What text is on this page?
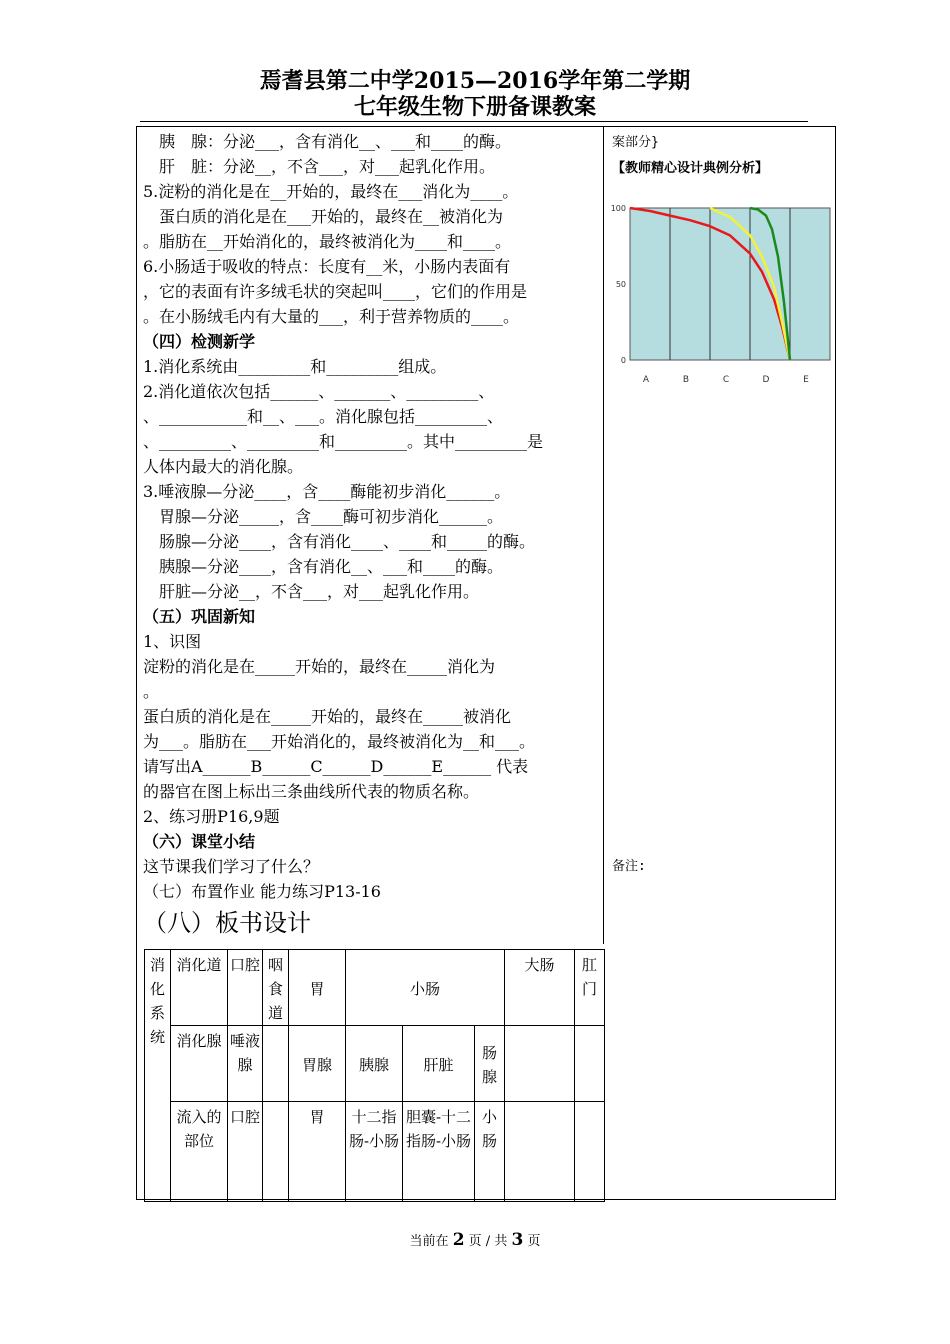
焉耆县第二中学2015—2016学年第二学期
七年级生物下册备课教案
　胰　腺：分泌___，含有消化__、___和____的酶。
　肝　脏：分泌__，不含___，对___起乳化作用。
5.淀粉的消化是在__开始的，最终在___消化为____。
　蛋白质的消化是在___开始的，最终在__被消化为
。脂肪在__开始消化的，最终被消化为____和____。
6.小肠适于吸收的特点：长度有__米，小肠内表面有
，它的表面有许多绒毛状的突起叫____，它们的作用是
。在小肠绒毛内有大量的___，利于营养物质的____。
（四）检测新学
1.消化系统由_________和_________组成。
2.消化道依次包括______、_______、_________、
、___________和__、___。消化腺包括_________、
、_________、_________和_________。其中_________是
人体内最大的消化腺。
3.唾液腺—分泌____，含____酶能初步消化______。
　胃腺—分泌_____，含____酶可初步消化______。
　肠腺—分泌____，含有消化____、____和_____的酶。
　胰腺—分泌____，含有消化__、___和____的酶。
　肝脏—分泌__，不含___，对___起乳化作用。
（五）巩固新知
1、识图
淀粉的消化是在_____开始的，最终在_____消化为
。
蛋白质的消化是在_____开始的，最终在_____被消化
为___。脂肪在___开始消化的，最终被消化为__和___。
请写出A______B______C______D______E______ 代表
的器官在图上标出三条曲线所代表的物质名称。
2、练习册P16,9题
（六）课堂小结
这节课我们学习了什么？
（七）布置作业 能力练习P13-16
（八）板书设计
案部分}
【教师精心设计典例分析】
备注:
100
50
0
A	B	C	D	E
消化系统	消化道	口腔	咽食道	胃	小肠			大肠	肛门
	消化腺	唾液腺		胃腺	胰腺	肝脏	肠腺		
	流入的部位	口腔		胃	十二指肠-小肠	胆囊-十二指肠-小肠	小肠		
当前在 2 页 / 共 3 页
